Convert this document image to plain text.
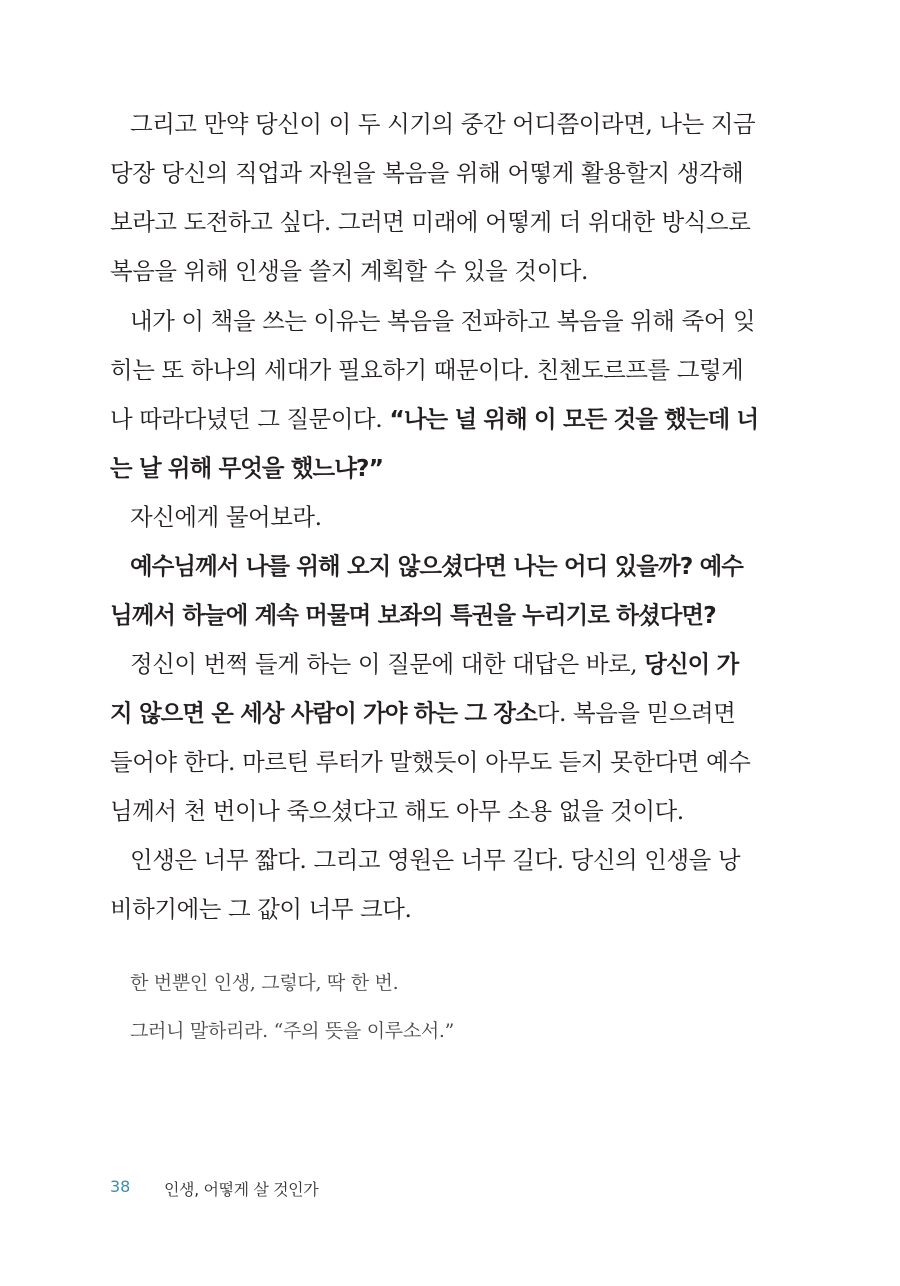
그리고 만약 당신이 이 두 시기의 중간 어디쯤이라면, 나는 지금
당장 당신의 직업과 자원을 복음을 위해 어떻게 활용할지 생각해
보라고 도전하고 싶다. 그러면 미래에 어떻게 더 위대한 방식으로
복음을 위해 인생을 쓸지 계획할 수 있을 것이다.
내가 이 책을 쓰는 이유는 복음을 전파하고 복음을 위해 죽어 잊
히는 또 하나의 세대가 필요하기 때문이다. 친첸도르프를 그렇게
나 따라다녔던 그 질문이다. “나는 널 위해 이 모든 것을 했는데 너
는 날 위해 무엇을 했느냐?”
자신에게 물어보라.
예수님께서 나를 위해 오지 않으셨다면 나는 어디 있을까? 예수
님께서 하늘에 계속 머물며 보좌의 특권을 누리기로 하셨다면?
정신이 번쩍 들게 하는 이 질문에 대한 대답은 바로, 당신이 가
지 않으면 온 세상 사람이 가야 하는 그 장소다. 복음을 믿으려면
들어야 한다. 마르틴 루터가 말했듯이 아무도 듣지 못한다면 예수
님께서 천 번이나 죽으셨다고 해도 아무 소용 없을 것이다.
인생은 너무 짧다. 그리고 영원은 너무 길다. 당신의 인생을 낭
비하기에는 그 값이 너무 크다.
한 번뿐인 인생, 그렇다, 딱 한 번.
그러니 말하리라. “주의 뜻을 이루소서.”
38 인생, 어떻게 살 것인가
